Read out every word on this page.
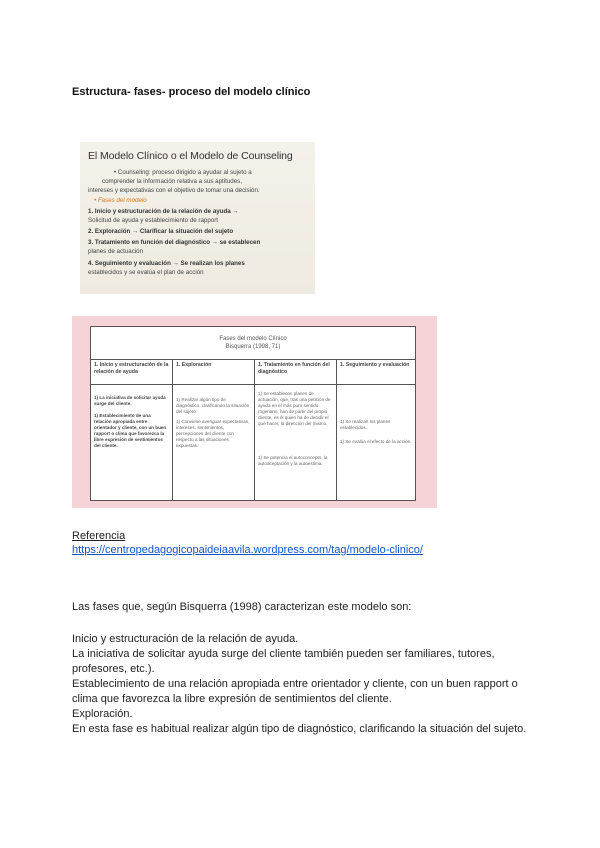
Estructura- fases- proceso del modelo clínico
El Modelo Clínico o el Modelo de Counseling
• Counseling: proceso dirigido a ayudar al sujeto a
comprender la información relativa a sus aptitudes,
intereses y expectativas con el objetivo de tomar una decisión.
• Fases del modelo
1. Inicio y estructuración de la relación de ayuda →
Solicitud de ayuda y establecimiento de rapport
2. Exploración → Clarificar la situación del sujeto
3. Tratamiento en función del diagnóstico → se establecen
planes de actuación
4. Seguimiento y evaluación → Se realizan los planes
establecidos y se evalúa el plan de acción
Fases del modelo Clínico
Bisquerra (1998, 71)
1. Inicio y estructuración de la relación de ayuda
1) La iniciativa de solicitar ayuda surge del cliente.
1) Establecimiento de una relación apropiada entre orientador y cliente, con un buen rapport o clima que favorezca la libre expresión de sentimientos del cliente.
1. Exploración
1) Realizar algún tipo de diagnóstico, clarificando la situación del sujeto.
1) Conviene averiguar expectativas, intereses, sentimientos, percepciones del cliente con respecto a las situaciones expuestas.
1. Tratamiento en función del diagnóstico
1) Se establecen planes de actuación, que, tras una petición de ayuda en el más puro sentido rogeriano, han de partir del propio cliente, es él quien ha de decidir el qué hacer, la dirección del mismo.
1) Se potencia el autoconcepto, la autoaceptación y la autoestima.
1. Seguimiento y evaluación
1) Se realizan los planes establecidos.
1) Se evalúa el efecto de la acción.
Referencia
https://centropedagogicopaideiaavila.wordpress.com/tag/modelo-clinico/
Las fases que, según Bisquerra (1998) caracterizan este modelo son:
Inicio y estructuración de la relación de ayuda.
La iniciativa de solicitar ayuda surge del cliente también pueden ser familiares, tutores, profesores, etc.).
Establecimiento de una relación apropiada entre orientador y cliente, con un buen rapport o clima que favorezca la libre expresión de sentimientos del cliente.
Exploración.
En esta fase es habitual realizar algún tipo de diagnóstico, clarificando la situación del sujeto.
